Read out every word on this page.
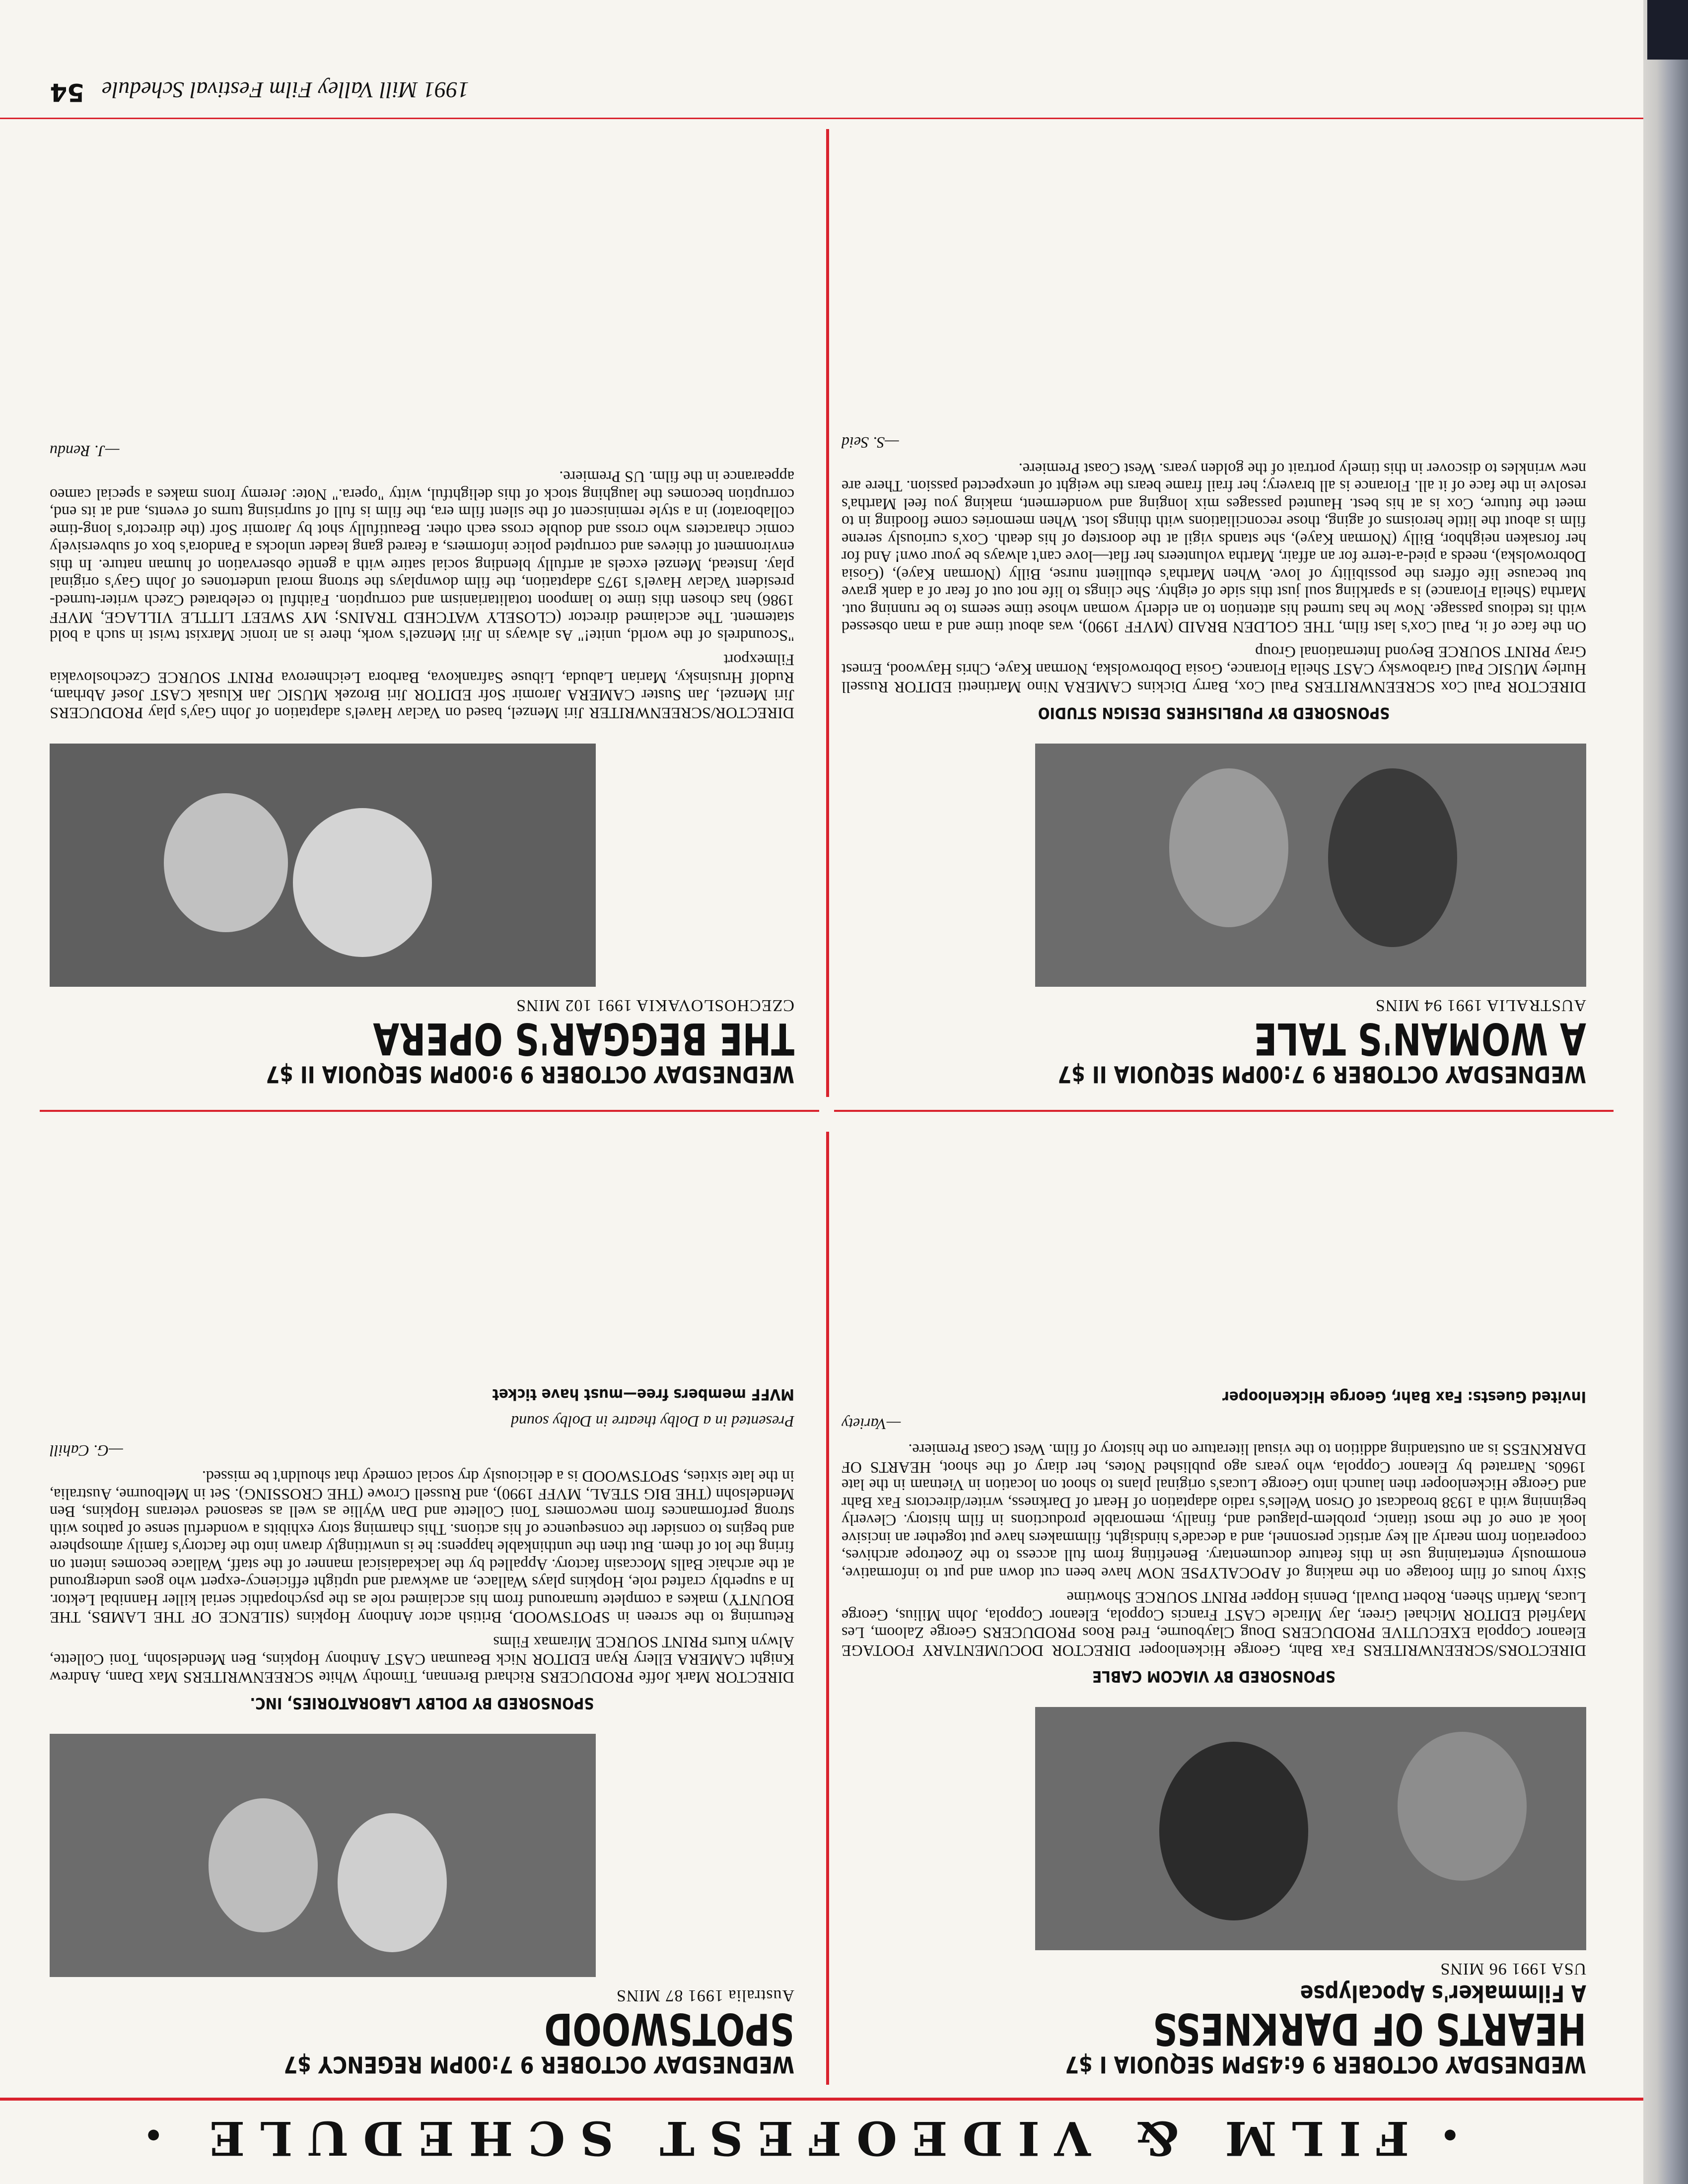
• FILM & VIDEOFEST SCHEDULE •
WEDNESDAY OCTOBER 9 6:45PM SEQUOIA I $7
HEARTS OF DARKNESS
A Filmmaker's Apocalypse
USA 1991 96 MINS
SPONSORED BY VIACOM CABLE
DIRECTORS/SCREENWRITERS Fax Bahr, George Hickenlooper DIRECTOR DOCUMENTARY FOOTAGE Eleanor Coppola EXECUTIVE PRODUCERS Doug Claybourne, Fred Roos PRODUCERS George Zaloom, Les Mayfield EDITOR Michael Greer, Jay Miracle CAST Francis Coppola, Eleanor Coppola, John Milius, George Lucas, Martin Sheen, Robert Duvall, Dennis Hopper PRINT SOURCE Showtime
Sixty hours of film footage on the making of APOCALYPSE NOW have been cut down and put to informative, enormously entertaining use in this feature documentary. Benefiting from full access to the Zoetrope archives, cooperation from nearly all key artistic personnel, and a decade's hindsight, filmmakers have put together an incisive look at one of the most titanic, problem-plagued and, finally, memorable productions in film history. Cleverly beginning with a 1938 broadcast of Orson Welles's radio adaptation of Heart of Darkness, writer/directors Fax Bahr and George Hickenlooper then launch into George Lucas's original plans to shoot on location in Vietnam in the late 1960s. Narrated by Eleanor Coppola, who years ago published Notes, her diary of the shoot, HEARTS OF DARKNESS is an outstanding addition to the visual literature on the history of film. West Coast Premiere.
—Variety
Invited Guests: Fax Bahr, George Hickenlooper
WEDNESDAY OCTOBER 9 7:00PM REGENCY $7
SPOTSWOOD
Australia 1991 87 MINS
SPONSORED BY DOLBY LABORATORIES, INC.
DIRECTOR Mark Joffe PRODUCERS Richard Brennan, Timothy White SCREENWRITERS Max Dann, Andrew Knight CAMERA Ellery Ryan EDITOR Nick Beauman CAST Anthony Hopkins, Ben Mendelsohn, Toni Collette, Alwyn Kurts PRINT SOURCE Miramax Films
Returning to the screen in SPOTSWOOD, British actor Anthony Hopkins (SILENCE OF THE LAMBS, THE BOUNTY) makes a complete turnaround from his acclaimed role as the psychopathic serial killer Hannibal Lektor. In a superbly crafted role, Hopkins plays Wallace, an awkward and uptight efficiency-expert who goes underground at the archaic Balls Moccasin factory. Appalled by the lackadaisical manner of the staff, Wallace becomes intent on firing the lot of them. But then the unthinkable happens: he is unwittingly drawn into the factory's family atmosphere and begins to consider the consequence of his actions. This charming story exhibits a wonderful sense of pathos with strong performances from newcomers Toni Collette and Dan Wyllie as well as seasoned veterans Hopkins, Ben Mendelsohn (THE BIG STEAL, MVFF 1990), and Russell Crowe (THE CROSSING). Set in Melbourne, Australia, in the late sixties, SPOTSWOOD is a deliciously dry social comedy that shouldn't be missed.
—G. Cahill
Presented in a Dolby theatre in Dolby sound
MVFF members free—must have ticket
WEDNESDAY OCTOBER 9 7:00PM SEQUOIA II $7
A WOMAN'S TALE
AUSTRALIA 1991 94 MINS
SPONSORED BY PUBLISHERS DESIGN STUDIO
DIRECTOR Paul Cox SCREENWRITERS Paul Cox, Barry Dickins CAMERA Nino Martinetti EDITOR Russell Hurley MUSIC Paul Grabowsky CAST Sheila Florance, Gosia Dobrowolska, Norman Kaye, Chris Haywood, Ernest Gray PRINT SOURCE Beyond International Group
On the face of it, Paul Cox's last film, THE GOLDEN BRAID (MVFF 1990), was about time and a man obsessed with its tedious passage. Now he has turned his attention to an elderly woman whose time seems to be running out. Martha (Sheila Florance) is a sparkling soul just this side of eighty. She clings to life not out of fear of a dank grave but because life offers the possibility of love. When Martha's ebullient nurse, Billy (Norman Kaye), (Gosia Dobrowolska), needs a pied-a-terre for an affair, Martha volunteers her flat—love can't always be your own! And for her forsaken neighbor, Billy (Norman Kaye), she stands vigil at the doorstep of his death. Cox's curiously serene film is about the little heroisms of aging, those reconciliations with things lost. When memories come flooding in to meet the future, Cox is at his best. Haunted passages mix longing and wonderment, making you feel Martha's resolve in the face of it all. Florance is all bravery; her frail frame bears the weight of unexpected passion. There are new wrinkles to discover in this timely portrait of the golden years. West Coast Premiere.
—S. Seid
WEDNESDAY OCTOBER 9 9:00PM SEQUOIA II $7
THE BEGGAR'S OPERA
CZECHOSLOVAKIA 1991 102 MINS
DIRECTOR/SCREENWRITER Jiri Menzel, based on Vaclav Havel's adaptation of John Gay's play PRODUCERS Jiri Menzel, Jan Suster CAMERA Jaromir Sofr EDITOR Jiri Brozek MUSIC Jan Klusak CAST Josef Abrham, Rudolf Hrusinsky, Marian Labuda, Libuse Safrankova, Barbora Leichnerova PRINT SOURCE Czechoslovakia Filmexport
"Scoundrels of the world, unite!" As always in Jiri Menzel's work, there is an ironic Marxist twist in such a bold statement. The acclaimed director (CLOSELY WATCHED TRAINS; MY SWEET LITTLE VILLAGE, MVFF 1986) has chosen this time to lampoon totalitarianism and corruption. Faithful to celebrated Czech writer-turned-president Vaclav Havel's 1975 adaptation, the film downplays the strong moral undertones of John Gay's original play. Instead, Menzel excels at artfully blending social satire with a gentle observation of human nature. In this environment of thieves and corrupted police informers, a feared gang leader unlocks a Pandora's box of subversively comic characters who cross and double cross each other. Beautifully shot by Jaromir Sofr (the director's long-time collaborator) in a style reminiscent of the silent film era, the film is full of surprising turns of events, and at its end, corruption becomes the laughing stock of this delightful, witty "opera." Note: Jeremy Irons makes a special cameo appearance in the film. US Premiere.
—J. Rendu
1991 Mill Valley Film Festival Schedule
54
